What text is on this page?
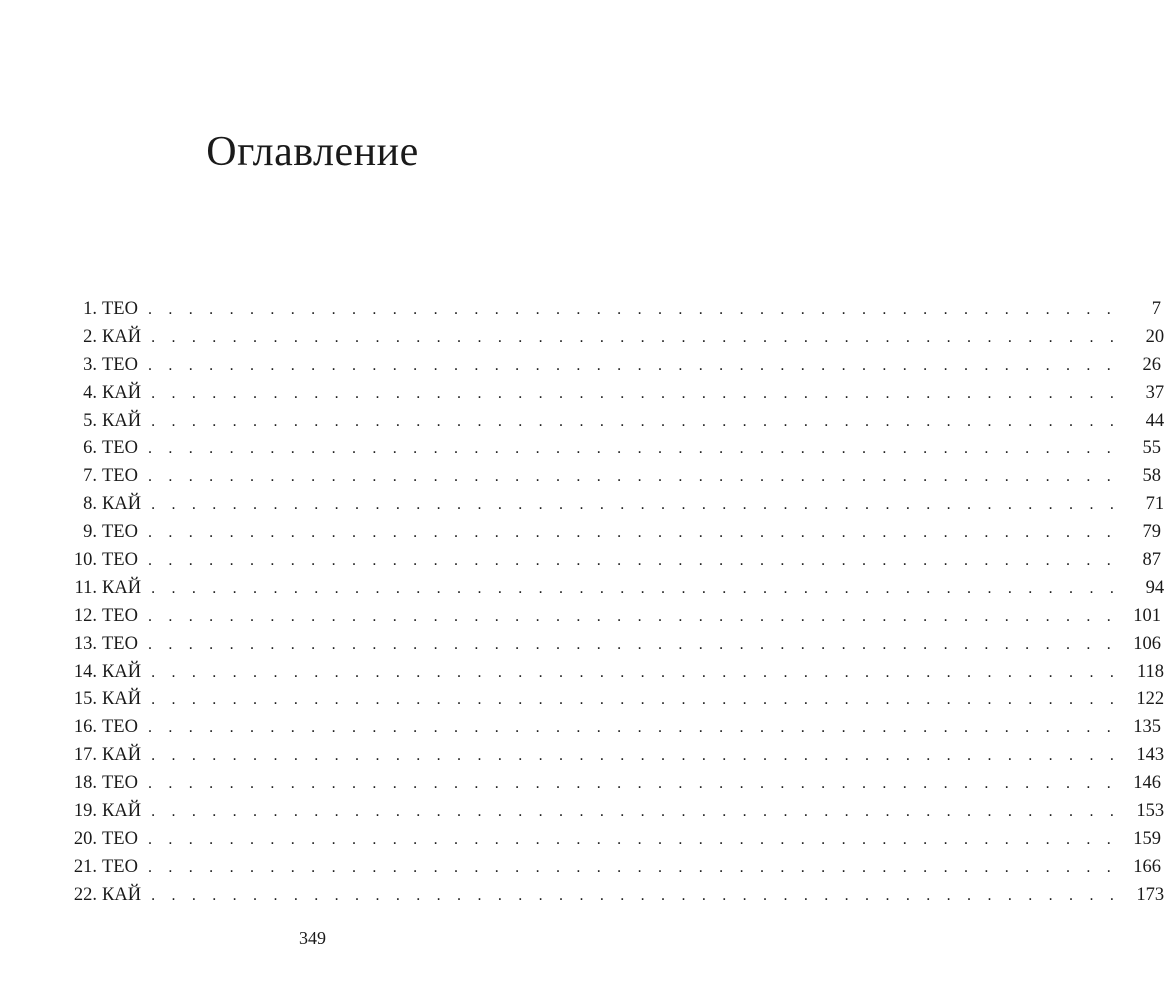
Оглавление
1. ТЕО . . . . . . . . . . . . . . . . . . . . . . . . . . . . . . . . . . . . . . . . . . . . . . . .	7
2. КАЙ . . . . . . . . . . . . . . . . . . . . . . . . . . . . . . . . . . . . . . . . . . . . . . . .	20
3. ТЕО . . . . . . . . . . . . . . . . . . . . . . . . . . . . . . . . . . . . . . . . . . . . . . . .	26
4. КАЙ . . . . . . . . . . . . . . . . . . . . . . . . . . . . . . . . . . . . . . . . . . . . . . . .	37
5. КАЙ . . . . . . . . . . . . . . . . . . . . . . . . . . . . . . . . . . . . . . . . . . . . . . . .	44
6. ТЕО . . . . . . . . . . . . . . . . . . . . . . . . . . . . . . . . . . . . . . . . . . . . . . . .	55
7. ТЕО . . . . . . . . . . . . . . . . . . . . . . . . . . . . . . . . . . . . . . . . . . . . . . . .	58
8. КАЙ . . . . . . . . . . . . . . . . . . . . . . . . . . . . . . . . . . . . . . . . . . . . . . . .	71
9. ТЕО . . . . . . . . . . . . . . . . . . . . . . . . . . . . . . . . . . . . . . . . . . . . . . . .	79
10. ТЕО . . . . . . . . . . . . . . . . . . . . . . . . . . . . . . . . . . . . . . . . . . . . . . . .	87
11. КАЙ . . . . . . . . . . . . . . . . . . . . . . . . . . . . . . . . . . . . . . . . . . . . . . . .	94
12. ТЕО . . . . . . . . . . . . . . . . . . . . . . . . . . . . . . . . . . . . . . . . . . . . . . . . 101
13. ТЕО . . . . . . . . . . . . . . . . . . . . . . . . . . . . . . . . . . . . . . . . . . . . . . . . 106
14. КАЙ . . . . . . . . . . . . . . . . . . . . . . . . . . . . . . . . . . . . . . . . . . . . . . . . 118
15. КАЙ . . . . . . . . . . . . . . . . . . . . . . . . . . . . . . . . . . . . . . . . . . . . . . . . 122
16. ТЕО . . . . . . . . . . . . . . . . . . . . . . . . . . . . . . . . . . . . . . . . . . . . . . . . 135
17. КАЙ . . . . . . . . . . . . . . . . . . . . . . . . . . . . . . . . . . . . . . . . . . . . . . . . 143
18. ТЕО . . . . . . . . . . . . . . . . . . . . . . . . . . . . . . . . . . . . . . . . . . . . . . . . 146
19. КАЙ . . . . . . . . . . . . . . . . . . . . . . . . . . . . . . . . . . . . . . . . . . . . . . . . 153
20. ТЕО . . . . . . . . . . . . . . . . . . . . . . . . . . . . . . . . . . . . . . . . . . . . . . . . 159
21. ТЕО . . . . . . . . . . . . . . . . . . . . . . . . . . . . . . . . . . . . . . . . . . . . . . . . 166
22. КАЙ . . . . . . . . . . . . . . . . . . . . . . . . . . . . . . . . . . . . . . . . . . . . . . . . 173
349
